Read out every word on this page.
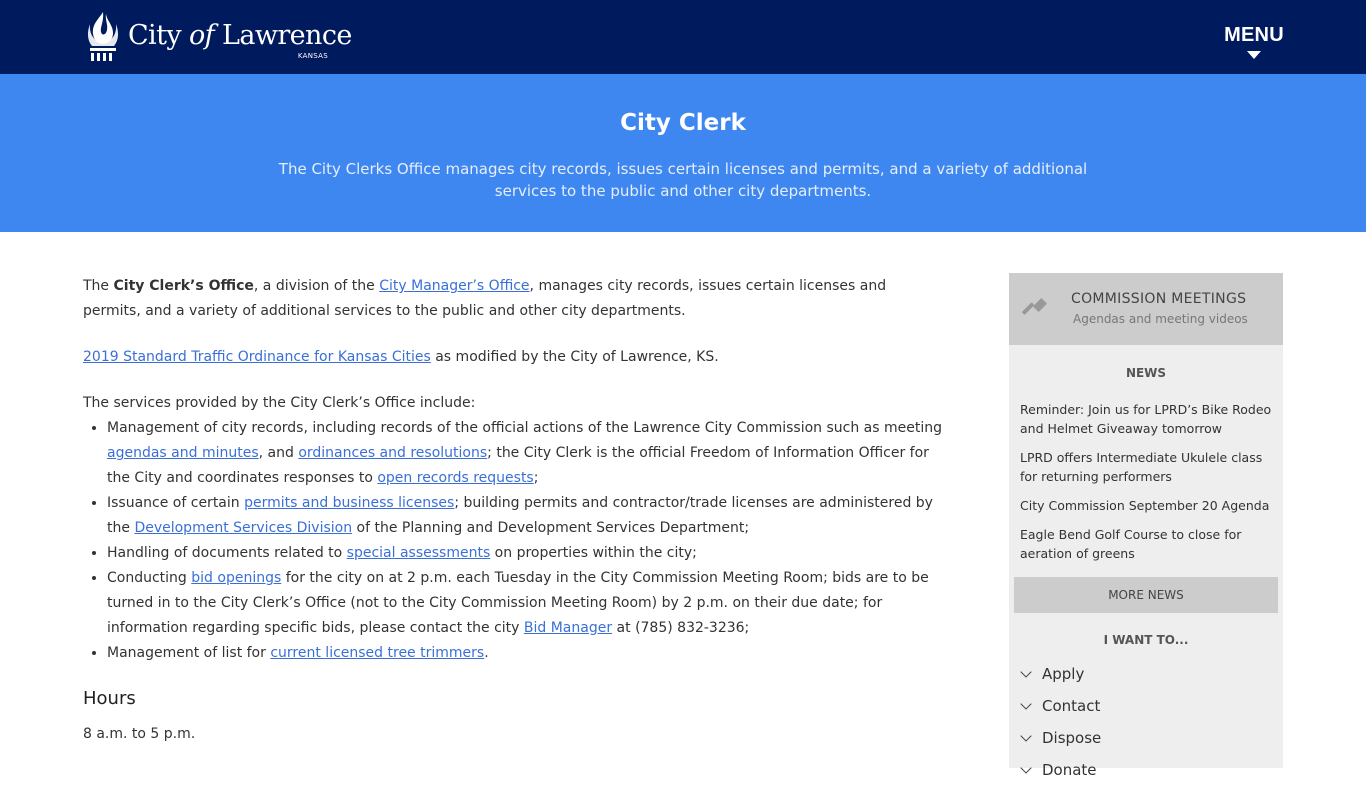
City of Lawrence
KANSAS
MENU
City Clerk

The City Clerks Office manages city records, issues certain licenses and permits, and a variety of additional services to the public and other city departments.

The City Clerk’s Office, a division of the City Manager’s Office, manages city records, issues certain licenses and permits, and a variety of additional services to the public and other city departments.

2019 Standard Traffic Ordinance for Kansas Cities as modified by the City of Lawrence, KS.

The services provided by the City Clerk’s Office include:
• Management of city records, including records of the official actions of the Lawrence City Commission such as meeting agendas and minutes, and ordinances and resolutions; the City Clerk is the official Freedom of Information Officer for the City and coordinates responses to open records requests;
• Issuance of certain permits and business licenses; building permits and contractor/trade licenses are administered by the Development Services Division of the Planning and Development Services Department;
• Handling of documents related to special assessments on properties within the city;
• Conducting bid openings for the city on at 2 p.m. each Tuesday in the City Commission Meeting Room; bids are to be turned in to the City Clerk’s Office (not to the City Commission Meeting Room) by 2 p.m. on their due date; for information regarding specific bids, please contact the city Bid Manager at (785) 832-3236;
• Management of list for current licensed tree trimmers.
Hours
8 a.m. to 5 p.m.
COMMISSION MEETINGS
Agendas and meeting videos
NEWS
Reminder: Join us for LPRD’s Bike Rodeo and Helmet Giveaway tomorrow
LPRD offers Intermediate Ukulele class for returning performers
City Commission September 20 Agenda
Eagle Bend Golf Course to close for aeration of greens
MORE NEWS
I WANT TO...
Apply
Contact
Dispose
Donate
